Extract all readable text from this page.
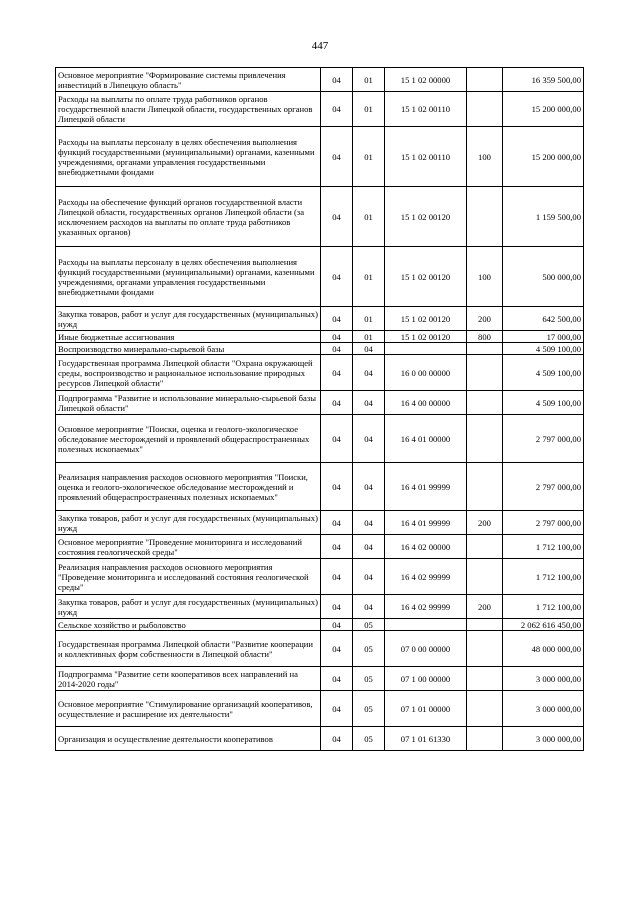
447
Основное мероприятие "Формирование системы привлечения инвестиций в Липецкую область"	04	01	15 1 02 00000		16 359 500,00
Расходы на выплаты по оплате труда работников органов государственной власти Липецкой области, государственных органов Липецкой области	04	01	15 1 02 00110		15 200 000,00
Расходы на выплаты персоналу в целях обеспечения выполнения функций государственными (муниципальными) органами, казенными учреждениями, органами управления государственными внебюджетными фондами	04	01	15 1 02 00110	100	15 200 000,00
Расходы на обеспечение функций органов государственной власти Липецкой области, государственных органов Липецкой области (за исключением расходов на выплаты по оплате труда работников указанных органов)	04	01	15 1 02 00120		1 159 500,00
Расходы на выплаты персоналу в целях обеспечения выполнения функций государственными (муниципальными) органами, казенными учреждениями, органами управления государственными внебюджетными фондами	04	01	15 1 02 00120	100	500 000,00
Закупка товаров, работ и услуг для государственных (муниципальных) нужд	04	01	15 1 02 00120	200	642 500,00
Иные бюджетные ассигнования	04	01	15 1 02 00120	800	17 000,00
Воспроизводство минерально-сырьевой базы	04	04			4 509 100,00
Государственная программа Липецкой области "Охрана окружающей среды, воспроизводство и рациональное использование природных ресурсов Липецкой области"	04	04	16 0 00 00000		4 509 100,00
Подпрограмма "Развитие и использование минерально-сырьевой базы Липецкой области"	04	04	16 4 00 00000		4 509 100,00
Основное мероприятие "Поиски, оценка и геолого-экологическое обследование месторождений и проявлений общераспространенных полезных ископаемых"	04	04	16 4 01 00000		2 797 000,00
Реализация направления расходов основного мероприятия "Поиски, оценка и геолого-экологическое обследование месторождений и проявлений общераспространенных полезных ископаемых"	04	04	16 4 01 99999		2 797 000,00
Закупка товаров, работ и услуг для государственных (муниципальных) нужд	04	04	16 4 01 99999	200	2 797 000,00
Основное мероприятие "Проведение мониторинга и исследований состояния геологической среды"	04	04	16 4 02 00000		1 712 100,00
Реализация направления расходов основного мероприятия "Проведение мониторинга и исследований состояния геологической среды"	04	04	16 4 02 99999		1 712 100,00
Закупка товаров, работ и услуг для государственных (муниципальных) нужд	04	04	16 4 02 99999	200	1 712 100,00
Сельское хозяйство и рыболовство	04	05			2 062 616 450,00
Государственная программа Липецкой области "Развитие кооперации и коллективных форм собственности в Липецкой области"	04	05	07 0 00 00000		48 000 000,00
Подпрограмма "Развитие сети кооперативов всех направлений на 2014-2020 годы"	04	05	07 1 00 00000		3 000 000,00
Основное мероприятие "Стимулирование организаций кооперативов, осуществление и расширение их деятельности"	04	05	07 1 01 00000		3 000 000,00
Организация и осуществление деятельности кооперативов	04	05	07 1 01 61330		3 000 000,00
